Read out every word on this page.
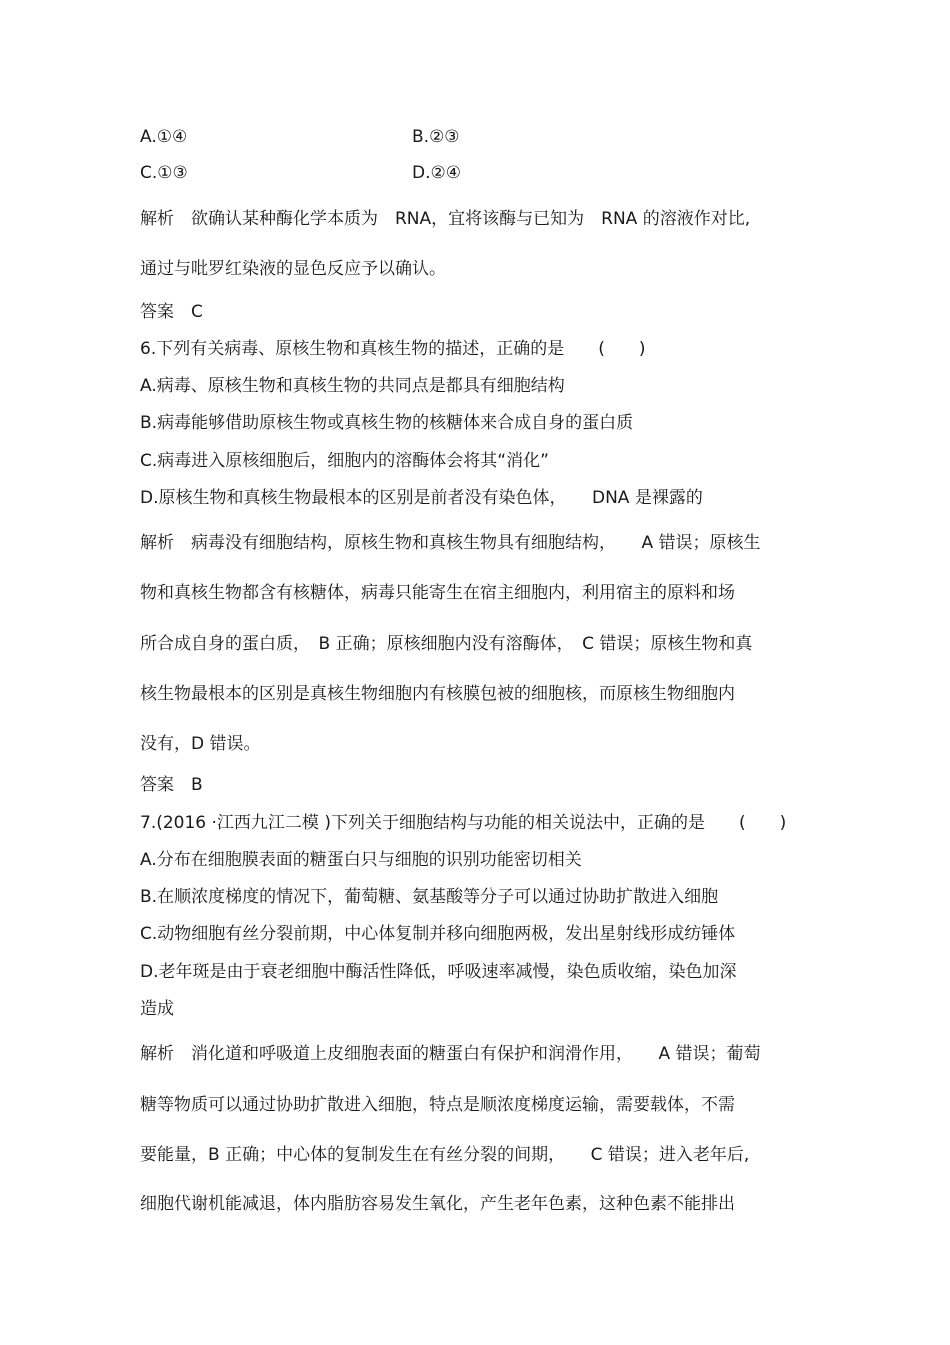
A.①④	B.②③
C.①③	D.②④
解析　欲确认某种酶化学本质为　RNA，宜将该酶与已知为　RNA 的溶液作对比,
通过与吡罗红染液的显色反应予以确认。
答案　C
6.下列有关病毒、原核生物和真核生物的描述，正确的是　　(　　)
A.病毒、原核生物和真核生物的共同点是都具有细胞结构
B.病毒能够借助原核生物或真核生物的核糖体来合成自身的蛋白质
C.病毒进入原核细胞后，细胞内的溶酶体会将其“消化”
D.原核生物和真核生物最根本的区别是前者没有染色体，　　DNA 是裸露的
解析　病毒没有细胞结构，原核生物和真核生物具有细胞结构，　　A 错误；原核生
物和真核生物都含有核糖体，病毒只能寄生在宿主细胞内，利用宿主的原料和场
所合成自身的蛋白质，　B 正确；原核细胞内没有溶酶体，　C 错误；原核生物和真
核生物最根本的区别是真核生物细胞内有核膜包被的细胞核，而原核生物细胞内
没有，D 错误。
答案　B
7.(2016 ·江西九江二模 )下列关于细胞结构与功能的相关说法中，正确的是　　(　　)
A.分布在细胞膜表面的糖蛋白只与细胞的识别功能密切相关
B.在顺浓度梯度的情况下，葡萄糖、氨基酸等分子可以通过协助扩散进入细胞
C.动物细胞有丝分裂前期，中心体复制并移向细胞两极，发出星射线形成纺锤体
D.老年斑是由于衰老细胞中酶活性降低，呼吸速率减慢，染色质收缩，染色加深
造成
解析　消化道和呼吸道上皮细胞表面的糖蛋白有保护和润滑作用，　　A 错误；葡萄
糖等物质可以通过协助扩散进入细胞，特点是顺浓度梯度运输，需要载体，不需
要能量，B 正确；中心体的复制发生在有丝分裂的间期，　　C 错误；进入老年后,
细胞代谢机能减退，体内脂肪容易发生氧化，产生老年色素，这种色素不能排出
